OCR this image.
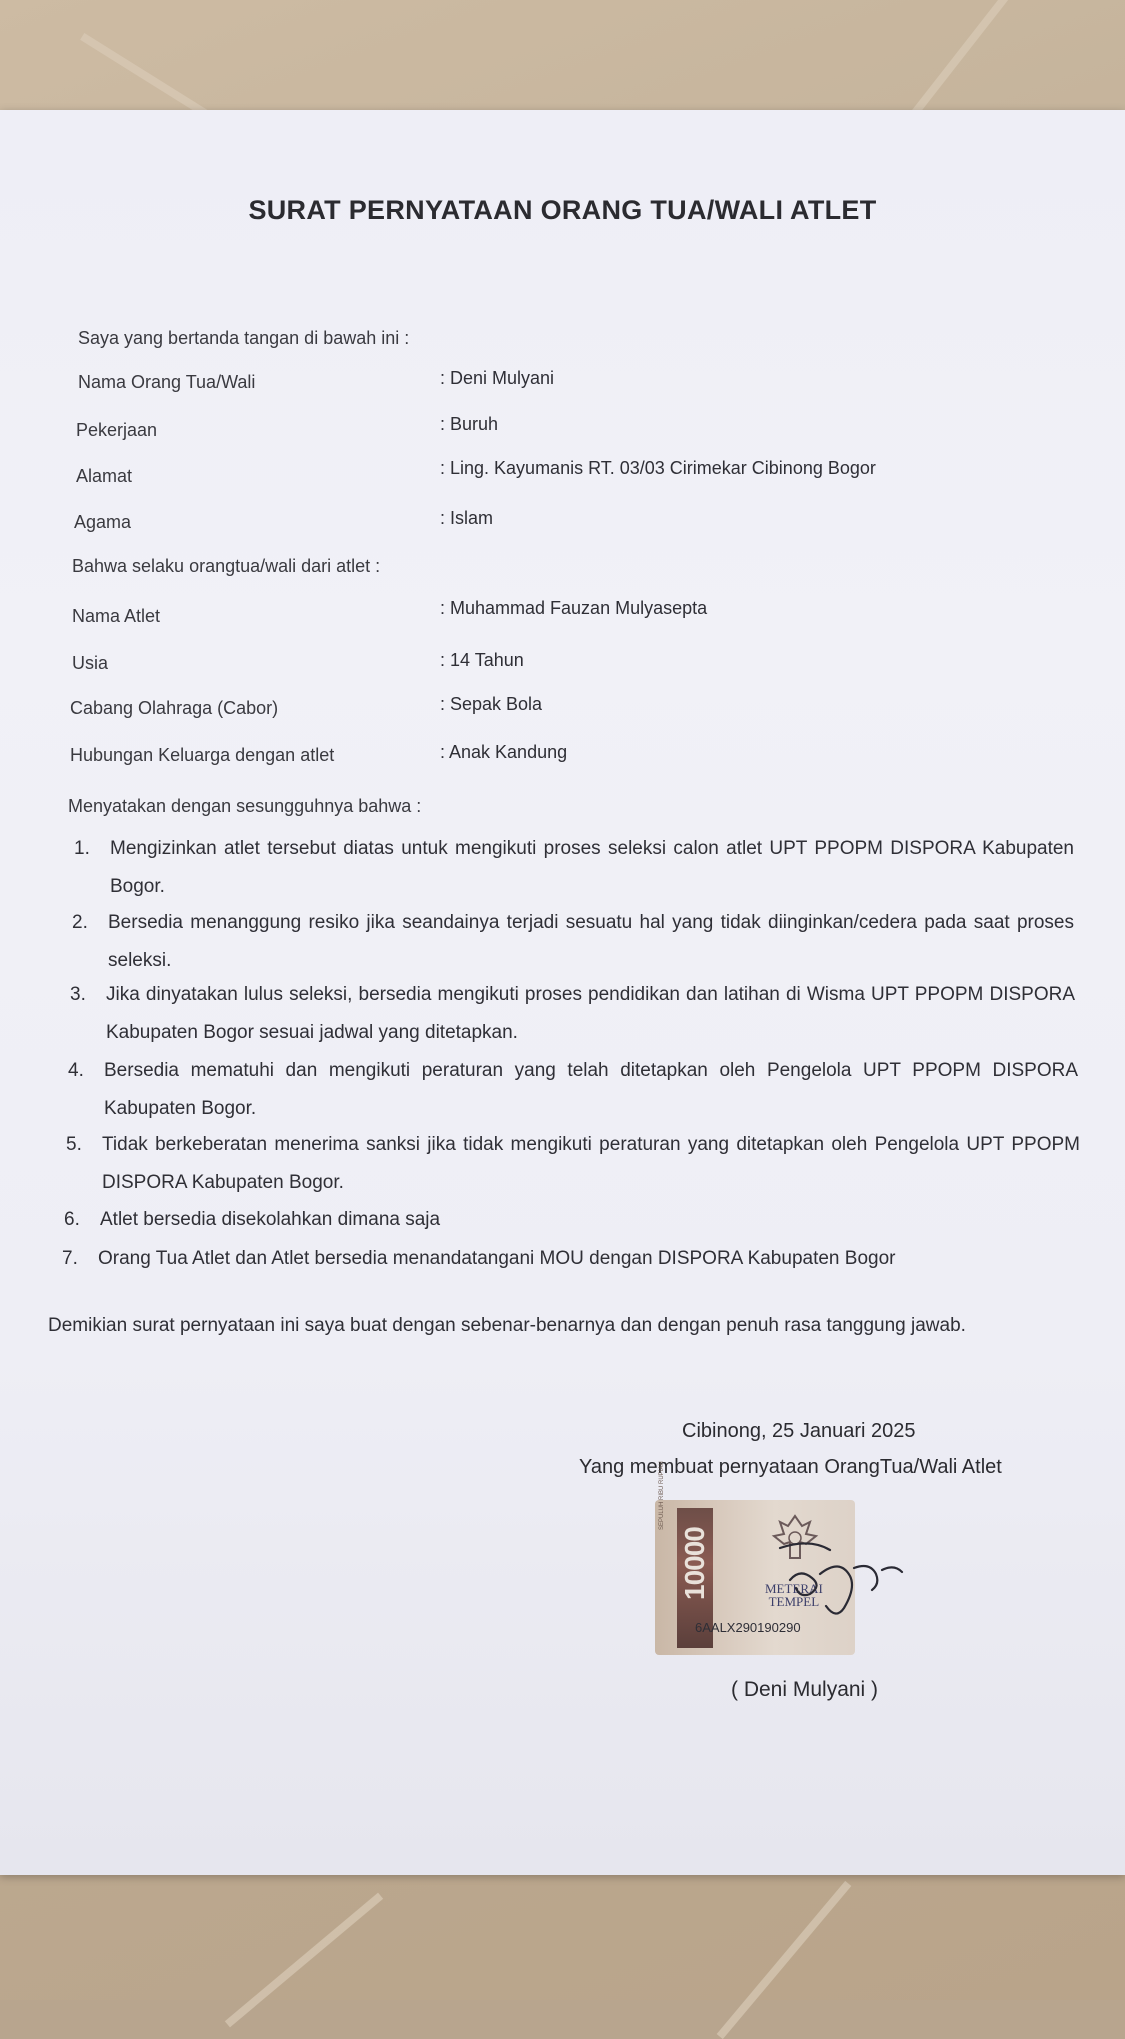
SURAT PERNYATAAN ORANG TUA/WALI ATLET
Saya yang bertanda tangan di bawah ini :
Nama Orang Tua/Wali	: Deni Mulyani
Pekerjaan	: Buruh
Alamat	: Ling. Kayumanis RT. 03/03 Cirimekar Cibinong Bogor
Agama	: Islam
Bahwa selaku orangtua/wali dari atlet :
Nama Atlet	: Muhammad Fauzan Mulyasepta
Usia	: 14 Tahun
Cabang Olahraga (Cabor)	: Sepak Bola
Hubungan Keluarga dengan atlet	: Anak Kandung
Menyatakan dengan sesungguhnya bahwa :
1. Mengizinkan atlet tersebut diatas untuk mengikuti proses seleksi calon atlet UPT PPOPM DISPORA Kabupaten Bogor.
2. Bersedia menanggung resiko jika seandainya terjadi sesuatu hal yang tidak diinginkan/cedera pada saat proses seleksi.
3. Jika dinyatakan lulus seleksi, bersedia mengikuti proses pendidikan dan latihan di Wisma UPT PPOPM DISPORA Kabupaten Bogor sesuai jadwal yang ditetapkan.
4. Bersedia mematuhi dan mengikuti peraturan yang telah ditetapkan oleh Pengelola UPT PPOPM DISPORA Kabupaten Bogor.
5. Tidak berkeberatan menerima sanksi jika tidak mengikuti peraturan yang ditetapkan oleh Pengelola UPT PPOPM DISPORA Kabupaten Bogor.
6. Atlet bersedia disekolahkan dimana saja
7. Orang Tua Atlet dan Atlet bersedia menandatangani MOU dengan DISPORA Kabupaten Bogor
Demikian surat pernyataan ini saya buat dengan sebenar-benarnya dan dengan penuh rasa tanggung jawab.
Cibinong, 25 Januari 2025
Yang membuat pernyataan OrangTua/Wali Atlet
SEPULUH RIBU RUPIAH
10000	METERAI
TEMPEL
6AALX290190290
( Deni Mulyani )
